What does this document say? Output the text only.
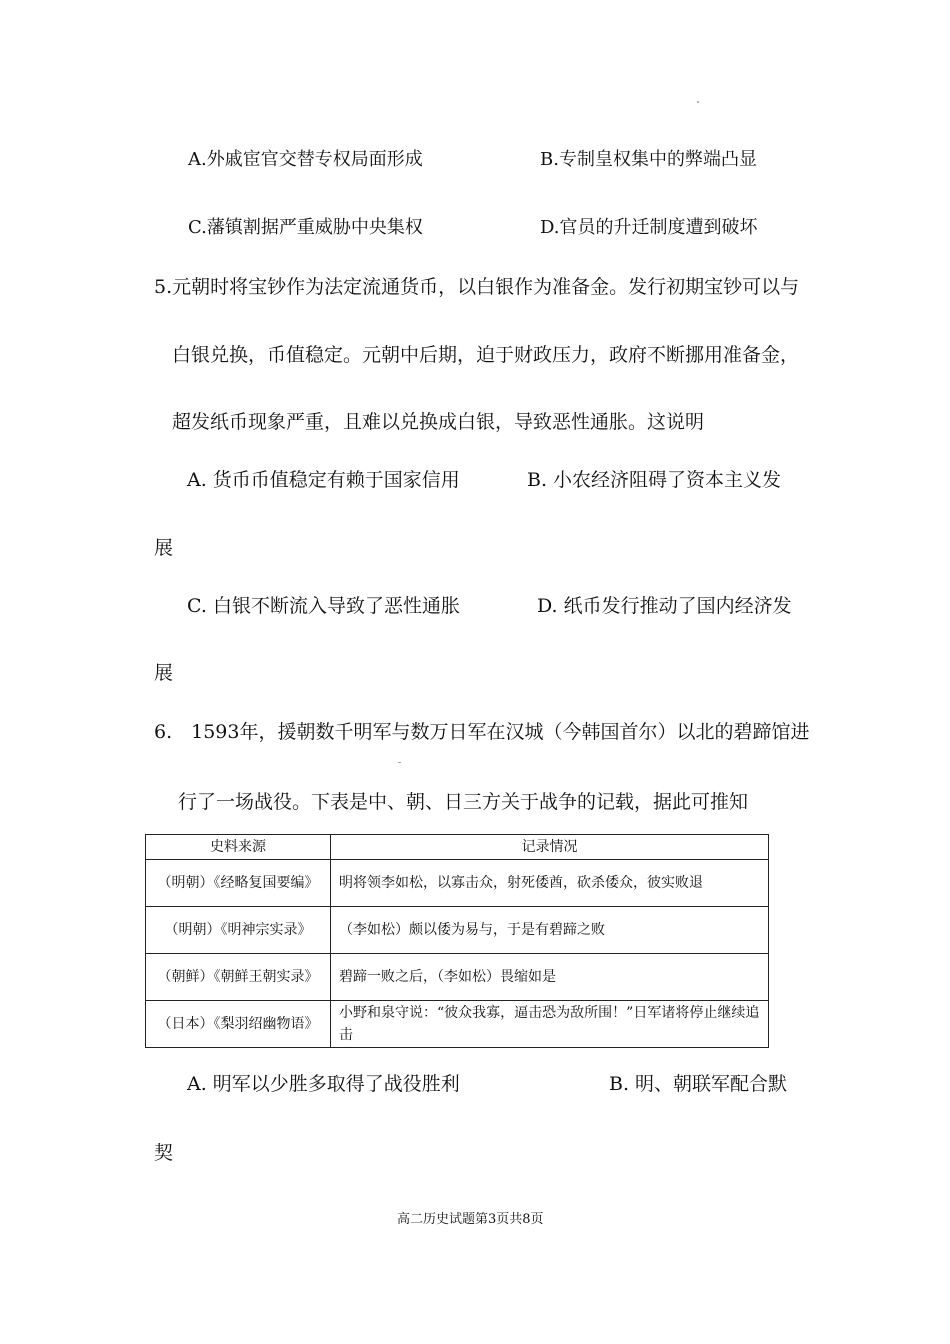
A.外戚宦官交替专权局面形成	B.专制皇权集中的弊端凸显
C.藩镇割据严重威胁中央集权	D.官员的升迁制度遭到破坏
5.元朝时将宝钞作为法定流通货币，以白银作为准备金。发行初期宝钞可以与
白银兑换，币值稳定。元朝中后期，迫于财政压力，政府不断挪用准备金，
超发纸币现象严重，且难以兑换成白银，导致恶性通胀。这说明
A. 货币币值稳定有赖于国家信用	B. 小农经济阻碍了资本主义发
展
C. 白银不断流入导致了恶性通胀	D. 纸币发行推动了国内经济发
展
6.　1593年，援朝数千明军与数万日军在汉城（今韩国首尔）以北的碧蹄馆进
行了一场战役。下表是中、朝、日三方关于战争的记载，据此可推知
史料来源	记录情况
（明朝）《经略复国要编》	明将领李如松，以寡击众，射死倭酋，砍杀倭众，彼实败退
（明朝）《明神宗实录》	（李如松）颇以倭为易与，于是有碧蹄之败
（朝鲜）《朝鲜王朝实录》	碧蹄一败之后，（李如松）畏缩如是
（日本）《梨羽绍幽物语》	小野和泉守说：“彼众我寡，逼击恐为敌所围！”日军诸将停止继续追击
A. 明军以少胜多取得了战役胜利	B. 明、朝联军配合默
契
高二历史试题第3页共8页
